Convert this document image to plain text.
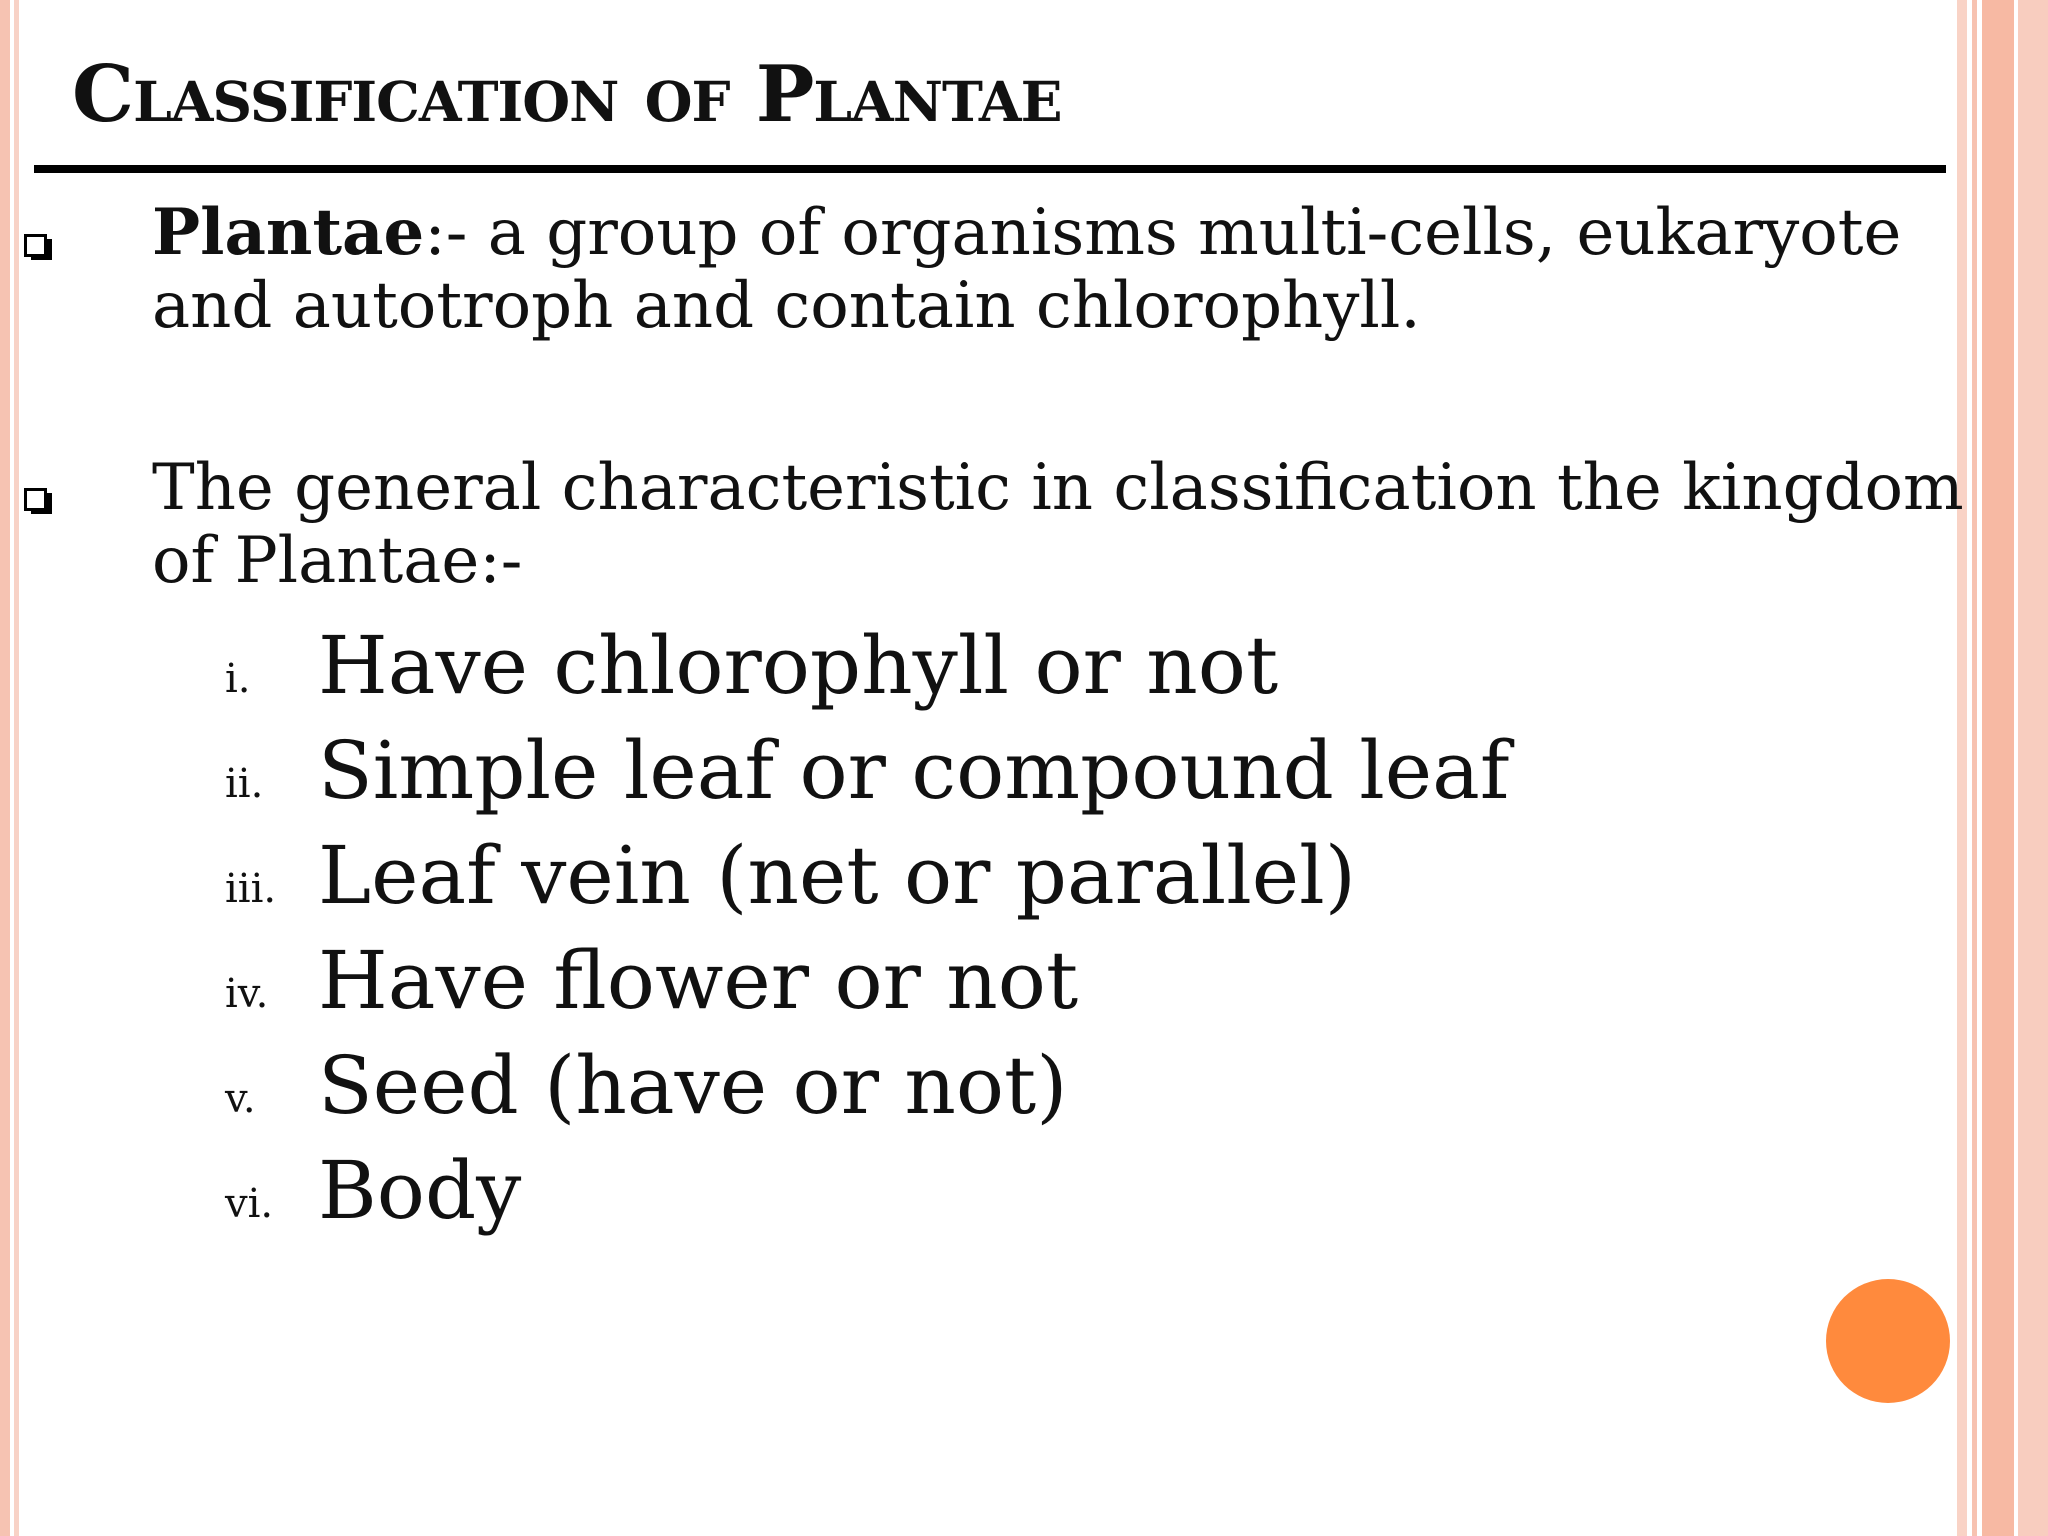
Classification of Plantae

Plantae:- a group of organisms multi-cells, eukaryote and autotroph and contain chlorophyll.

The general characteristic in classification the kingdom of Plantae:-

i. Have chlorophyll or not
ii. Simple leaf or compound leaf
iii. Leaf vein (net or parallel)
iv. Have flower or not
v. Seed (have or not)
vi. Body
